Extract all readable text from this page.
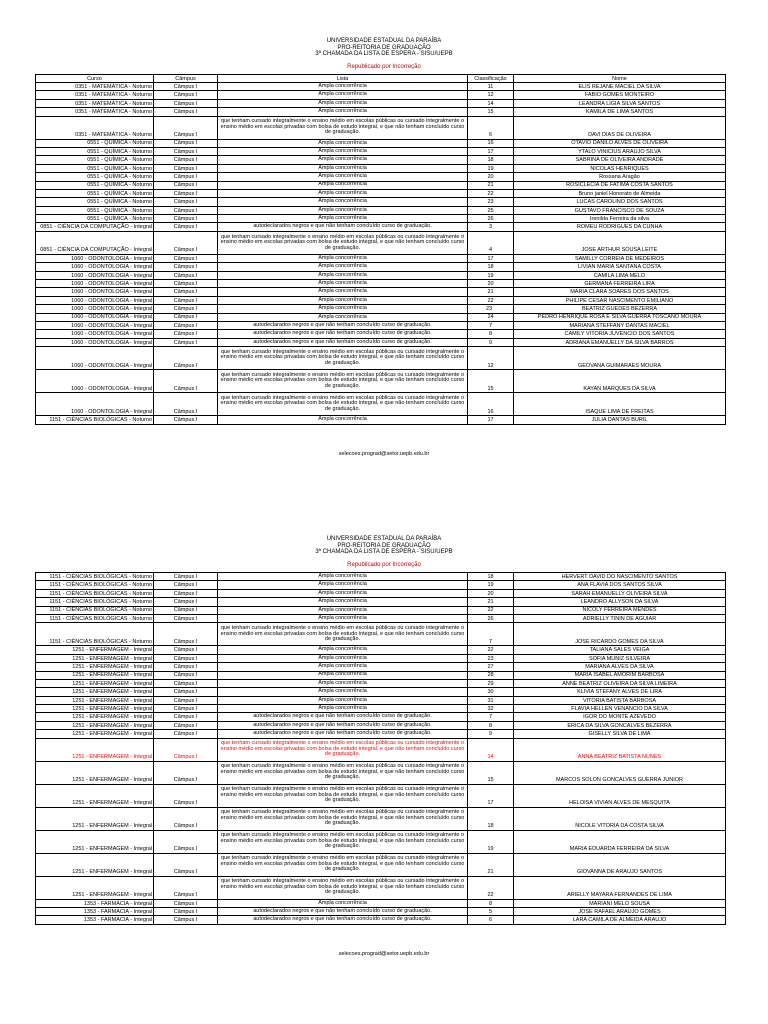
UNIVERSIDADE ESTADUAL DA PARAÍBA
PRO-REITORIA DE GRADUAÇÃO
3ª CHAMADA DA LISTA DE ESPERA - SISU/UEPB
Republicado por Incorreção
Curso	Câmpus	Lista	Classificação	Nome
0351 - MATEMÁTICA - Noturno	Câmpus I	Ampla concorrência	11	ELIS REJANE MACIEL DA SILVA
0351 - MATEMÁTICA - Noturno	Câmpus I	Ampla concorrência	12	FABIO GOMES MONTEIRO
0351 - MATEMÁTICA - Noturno	Câmpus I	Ampla concorrência	14	LEANDRA LIGIA SILVA SANTOS
0351 - MATEMÁTICA - Noturno	Câmpus I	Ampla concorrência	15	KAMILA DE LIMA SANTOS
0351 - MATEMÁTICA - Noturno	Câmpus I	que tenham cursado integralmente o ensino médio em escolas públicas ou cursado integralmente o ensino médio em escolas privadas com bolsa de estudo integral, e que não tenham concluído curso de graduação.	6	DAVI DIAS DE OLIVEIRA
0551 - QUÍMICA - Noturno	Câmpus I	Ampla concorrência	16	OTAVIO DANILO ALVES DE OLIVEIRA
0551 - QUÍMICA - Noturno	Câmpus I	Ampla concorrência	17	YTALO VINICIUS ARAUJO SILVA
0551 - QUÍMICA - Noturno	Câmpus I	Ampla concorrência	18	SABRINA DE OLIVEIRA ANDRADE
0551 - QUÍMICA - Noturno	Câmpus I	Ampla concorrência	19	NICOLAS HENRIQUES
0551 - QUÍMICA - Noturno	Câmpus I	Ampla concorrência	20	Rossana Aragão
0551 - QUÍMICA - Noturno	Câmpus I	Ampla concorrência	21	ROSICLECIA DE FATIMA COSTA SANTOS
0551 - QUÍMICA - Noturno	Câmpus I	Ampla concorrência	22	Bruno janiel Honorato de Almeida
0551 - QUÍMICA - Noturno	Câmpus I	Ampla concorrência	23	LUCAS CAROLINO DOS SANTOS
0551 - QUÍMICA - Noturno	Câmpus I	Ampla concorrência	25	GUSTAVO FRANCISCO DE SOUZA
0551 - QUÍMICA - Noturno	Câmpus I	Ampla concorrência	26	Irenilda Ferreira da silva
0851 - CIÊNCIA DA COMPUTAÇÃO - Integral	Câmpus I	autodeclarados negros e que não tenham concluído curso de graduação.	3	ROMEU RODRIGUES DA CUNHA
0851 - CIÊNCIA DA COMPUTAÇÃO - Integral	Câmpus I	que tenham cursado integralmente o ensino médio em escolas públicas ou cursado integralmente o ensino médio em escolas privadas com bolsa de estudo integral, e que não tenham concluído curso de graduação.	4	JOSE ARTHUR SOUSA LEITE
1060 - ODONTOLOGIA - Integral	Câmpus I	Ampla concorrência	17	SAMILLY CORREIA DE MEDEIROS
1060 - ODONTOLOGIA - Integral	Câmpus I	Ampla concorrência	18	LIVIAN MARIA SANTANA COSTA
1060 - ODONTOLOGIA - Integral	Câmpus I	Ampla concorrência	19	CAMILA LIMA MELO
1060 - ODONTOLOGIA - Integral	Câmpus I	Ampla concorrência	20	GERMANA FERREIRA LIRA
1060 - ODONTOLOGIA - Integral	Câmpus I	Ampla concorrência	21	MARIA CLARA SOARES DOS SANTOS
1060 - ODONTOLOGIA - Integral	Câmpus I	Ampla concorrência	22	PHILIPE CESAR NASCIMENTO EMILIANO
1060 - ODONTOLOGIA - Integral	Câmpus I	Ampla concorrência	23	BEATRIZ GUEDES BEZERRA
1060 - ODONTOLOGIA - Integral	Câmpus I	Ampla concorrência	24	PEDRO HENRIQUE ROSA E SILVA GUERRA TOSCANO MOURA
1060 - ODONTOLOGIA - Integral	Câmpus I	autodeclarados negros e que não tenham concluído curso de graduação.	7	MARIANA STEFFANY DANTAS MACIEL
1060 - ODONTOLOGIA - Integral	Câmpus I	autodeclarados negros e que não tenham concluído curso de graduação.	8	CAMILY VITORIA JUVENCIO DOS SANTOS
1060 - ODONTOLOGIA - Integral	Câmpus I	autodeclarados negros e que não tenham concluído curso de graduação.	9	ADRIANA EMANUELLY DA SILVA BARROS
1060 - ODONTOLOGIA - Integral	Câmpus I	que tenham cursado integralmente o ensino médio em escolas públicas ou cursado integralmente o ensino médio em escolas privadas com bolsa de estudo integral, e que não tenham concluído curso de graduação.	12	GEOVANA GUIMARAES MOURA
1060 - ODONTOLOGIA - Integral	Câmpus I	que tenham cursado integralmente o ensino médio em escolas públicas ou cursado integralmente o ensino médio em escolas privadas com bolsa de estudo integral, e que não tenham concluído curso de graduação.	15	KAYAN MARQUES DA SILVA
1060 - ODONTOLOGIA - Integral	Câmpus I	que tenham cursado integralmente o ensino médio em escolas públicas ou cursado integralmente o ensino médio em escolas privadas com bolsa de estudo integral, e que não tenham concluído curso de graduação.	16	ISAQUE LIMA DE FREITAS
1151 - CIÊNCIAS BIOLÓGICAS - Noturno	Câmpus I	Ampla concorrência	17	JULIA DANTAS BURIL
selecoes.prograd@setor.uepb.edu.br
UNIVERSIDADE ESTADUAL DA PARAÍBA
PRO-REITORIA DE GRADUAÇÃO
3ª CHAMADA DA LISTA DE ESPERA - SISU/UEPB
Republicado por Incorreção
1151 - CIÊNCIAS BIOLÓGICAS - Noturno	Câmpus I	Ampla concorrência	18	HERVERT DAVID DO NASCIMENTO SANTOS
1151 - CIÊNCIAS BIOLÓGICAS - Noturno	Câmpus I	Ampla concorrência	19	ANA FLAVIA DOS SANTOS SILVA
1151 - CIÊNCIAS BIOLÓGICAS - Noturno	Câmpus I	Ampla concorrência	20	SARAH EMANUELLY OLIVEIRA SILVA
1151 - CIÊNCIAS BIOLÓGICAS - Noturno	Câmpus I	Ampla concorrência	21	LEANDRO ALLYSON DA SILVA
1151 - CIÊNCIAS BIOLÓGICAS - Noturno	Câmpus I	Ampla concorrência	22	NICOLY FERREIRA MENDES
1151 - CIÊNCIAS BIOLÓGICAS - Noturno	Câmpus I	Ampla concorrência	26	ADRIELLY TININ DE AGUIAR
1151 - CIÊNCIAS BIOLÓGICAS - Noturno	Câmpus I	que tenham cursado integralmente o ensino médio em escolas públicas ou cursado integralmente o ensino médio em escolas privadas com bolsa de estudo integral, e que não tenham concluído curso de graduação.	7	JOSE RICARDO GOMES DA SILVA
1251 - ENFERMAGEM - Integral	Câmpus I	Ampla concorrência	22	TALIANA SALES VEIGA
1251 - ENFERMAGEM - Integral	Câmpus I	Ampla concorrência	23	SOFIA MUNIZ SILVEIRA
1251 - ENFERMAGEM - Integral	Câmpus I	Ampla concorrência	27	MARIANA ALVES DA SILVA
1251 - ENFERMAGEM - Integral	Câmpus I	Ampla concorrência	28	MARIA ISABEL AMORIM BARBOSA
1251 - ENFERMAGEM - Integral	Câmpus I	Ampla concorrência	29	ANNE BEATRIZ OLIVEIRA DA SILVA LIMEIRA
1251 - ENFERMAGEM - Integral	Câmpus I	Ampla concorrência	30	KLIVIA STEFANY ALVES DE LIRA
1251 - ENFERMAGEM - Integral	Câmpus I	Ampla concorrência	31	VITORIA BATISTA BARBOSA
1251 - ENFERMAGEM - Integral	Câmpus I	Ampla concorrência	32	FLAVIA HELLEN VENANCIO DA SILVA
1251 - ENFERMAGEM - Integral	Câmpus I	autodeclarados negros e que não tenham concluído curso de graduação.	7	IGOR DO MONTE AZEVEDO
1251 - ENFERMAGEM - Integral	Câmpus I	autodeclarados negros e que não tenham concluído curso de graduação.	8	ERICA DA SILVA GONCALVES BEZERRA
1251 - ENFERMAGEM - Integral	Câmpus I	autodeclarados negros e que não tenham concluído curso de graduação.	9	GISELLY SILVA DE LIMA
1251 - ENFERMAGEM - Integral	Câmpus I	que tenham cursado integralmente o ensino médio em escolas públicas ou cursado integralmente o ensino médio em escolas privadas com bolsa de estudo integral, e que não tenham concluído curso de graduação.	14	ANNA BEATRIZ BATISTA NUNES
1251 - ENFERMAGEM - Integral	Câmpus I	que tenham cursado integralmente o ensino médio em escolas públicas ou cursado integralmente o ensino médio em escolas privadas com bolsa de estudo integral, e que não tenham concluído curso de graduação.	15	MARCOS SOLON GONCALVES GUERRA JUNIOR
1251 - ENFERMAGEM - Integral	Câmpus I	que tenham cursado integralmente o ensino médio em escolas públicas ou cursado integralmente o ensino médio em escolas privadas com bolsa de estudo integral, e que não tenham concluído curso de graduação.	17	HELOISA VIVIAN ALVES DE MESQUITA
1251 - ENFERMAGEM - Integral	Câmpus I	que tenham cursado integralmente o ensino médio em escolas públicas ou cursado integralmente o ensino médio em escolas privadas com bolsa de estudo integral, e que não tenham concluído curso de graduação.	18	NICOLE VITORIA DA COSTA SILVA
1251 - ENFERMAGEM - Integral	Câmpus I	que tenham cursado integralmente o ensino médio em escolas públicas ou cursado integralmente o ensino médio em escolas privadas com bolsa de estudo integral, e que não tenham concluído curso de graduação.	19	MARIA EDUARDA FERREIRA DA SILVA
1251 - ENFERMAGEM - Integral	Câmpus I	que tenham cursado integralmente o ensino médio em escolas públicas ou cursado integralmente o ensino médio em escolas privadas com bolsa de estudo integral, e que não tenham concluído curso de graduação.	21	GIOVANNA DE ARAUJO SANTOS
1251 - ENFERMAGEM - Integral	Câmpus I	que tenham cursado integralmente o ensino médio em escolas públicas ou cursado integralmente o ensino médio em escolas privadas com bolsa de estudo integral, e que não tenham concluído curso de graduação.	22	ARIELLY MAYARA FERNANDES DE LIMA
1353 - FARMÁCIA - Integral	Câmpus I	Ampla concorrência	8	MARIANI MELO SOUSA
1353 - FARMÁCIA - Integral	Câmpus I	autodeclarados negros e que não tenham concluído curso de graduação.	5	JOSE RAFAEL ARAUJO GOMES
1353 - FARMÁCIA - Integral	Câmpus I	autodeclarados negros e que não tenham concluído curso de graduação.	6	LARA CAMILA DE ALMEIDA ARAUJO
selecoes.prograd@setor.uepb.edu.br
